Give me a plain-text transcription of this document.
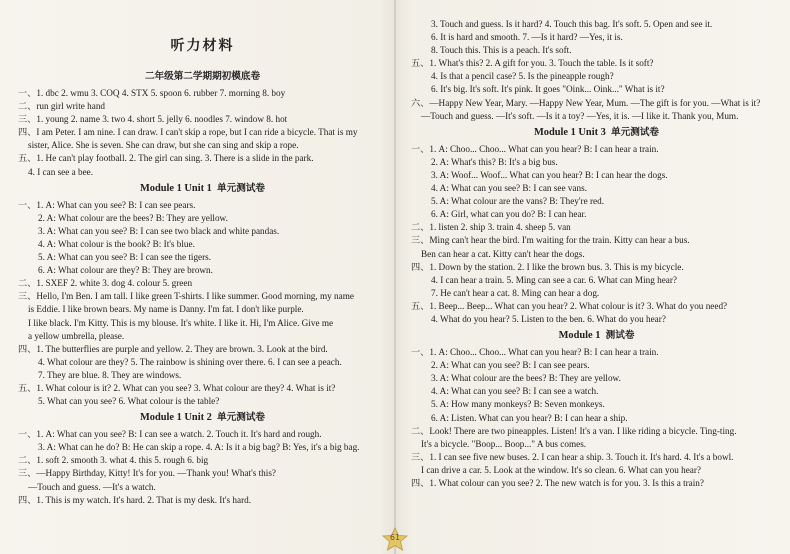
听力材料
二年级第二学期期初模底卷
一、1. dbc 2. wmu 3. COQ 4. STX 5. spoon 6. rubber 7. morning 8. boy
二、run girl write hand
三、1. young 2. name 3. two 4. short 5. jelly 6. noodles 7. window 8. hot
四、I am Peter. I am nine. I can draw. I can't skip a rope, but I can ride a bicycle. That is my
sister, Alice. She is seven. She can draw, but she can sing and skip a rope.
五、1. He can't play football. 2. The girl can sing. 3. There is a slide in the park.
4. I can see a bee.
Module 1 Unit 1 单元测试卷
一、1. A: What can you see? B: I can see pears.
2. A: What colour are the bees? B: They are yellow.
3. A: What can you see? B: I can see two black and white pandas.
4. A: What colour is the book? B: It's blue.
5. A: What can you see? B: I can see the tigers.
6. A: What colour are they? B: They are brown.
二、1. SXEF 2. white 3. dog 4. colour 5. green
三、Hello, I'm Ben. I am tall. I like green T-shirts. I like summer. Good morning, my name
is Eddie. I like brown bears. My name is Danny. I'm fat. I don't like purple.
I like black. I'm Kitty. This is my blouse. It's white. I like it. Hi, I'm Alice. Give me
a yellow umbrella, please.
四、1. The butterflies are purple and yellow. 2. They are brown. 3. Look at the bird.
4. What colour are they? 5. The rainbow is shining over there. 6. I can see a peach.
7. They are blue. 8. They are windows.
五、1. What colour is it? 2. What can you see? 3. What colour are they? 4. What is it?
5. What can you see? 6. What colour is the table?
Module 1 Unit 2 单元测试卷
一、1. A: What can you see? B: I can see a watch. 2. Touch it. It's hard and rough.
3. A: What can he do? B: He can skip a rope. 4. A: Is it a big bag? B: Yes, it's a big bag.
二、1. soft 2. smooth 3. what 4. this 5. rough 6. big
三、—Happy Birthday, Kitty! It's for you. —Thank you! What's this?
—Touch and guess. —It's a watch.
四、1. This is my watch. It's hard. 2. That is my desk. It's hard.
3. Touch and guess. Is it hard? 4. Touch this bag. It's soft. 5. Open and see it.
6. It is hard and smooth. 7. —Is it hard? —Yes, it is.
8. Touch this. This is a peach. It's soft.
五、1. What's this? 2. A gift for you. 3. Touch the table. Is it soft?
4. Is that a pencil case? 5. Is the pineapple rough?
6. It's big. It's soft. It's pink. It goes "Oink... Oink..." What is it?
六、—Happy New Year, Mary. —Happy New Year, Mum. —The gift is for you. —What is it?
—Touch and guess. —It's soft. —Is it a toy? —Yes, it is. —I like it. Thank you, Mum.
Module 1 Unit 3 单元测试卷
一、1. A: Choo... Choo... What can you hear? B: I can hear a train.
2. A: What's this? B: It's a big bus.
3. A: Woof... Woof... What can you hear? B: I can hear the dogs.
4. A: What can you see? B: I can see vans.
5. A: What colour are the vans? B: They're red.
6. A: Girl, what can you do? B: I can hear.
二、1. listen 2. ship 3. train 4. sheep 5. van
三、Ming can't hear the bird. I'm waiting for the train. Kitty can hear a bus.
Ben can hear a cat. Kitty can't hear the dogs.
四、1. Down by the station. 2. I like the brown bus. 3. This is my bicycle.
4. I can hear a train. 5. Ming can see a car. 6. What can Ming hear?
7. He can't hear a cat. 8. Ming can hear a dog.
五、1. Beep... Beep... What can you hear? 2. What colour is it? 3. What do you need?
4. What do you hear? 5. Listen to the ben. 6. What do you hear?
Module 1 测试卷
一、1. A: Choo... Choo... What can you hear? B: I can hear a train.
2. A: What can you see? B: I can see pears.
3. A: What colour are the bees? B: They are yellow.
4. A: What can you see? B: I can see a watch.
5. A: How many monkeys? B: Seven monkeys.
6. A: Listen. What can you hear? B: I can hear a ship.
二、Look! There are two pineapples. Listen! It's a van. I like riding a bicycle. Ting-ting.
It's a bicycle. "Boop... Boop..." A bus comes.
三、1. I can see five new buses. 2. I can hear a ship. 3. Touch it. It's hard. 4. It's a bowl.
I can drive a car. 5. Look at the window. It's so clean. 6. What can you hear?
四、1. What colour can you see? 2. The new watch is for you. 3. Is this a train?
61
